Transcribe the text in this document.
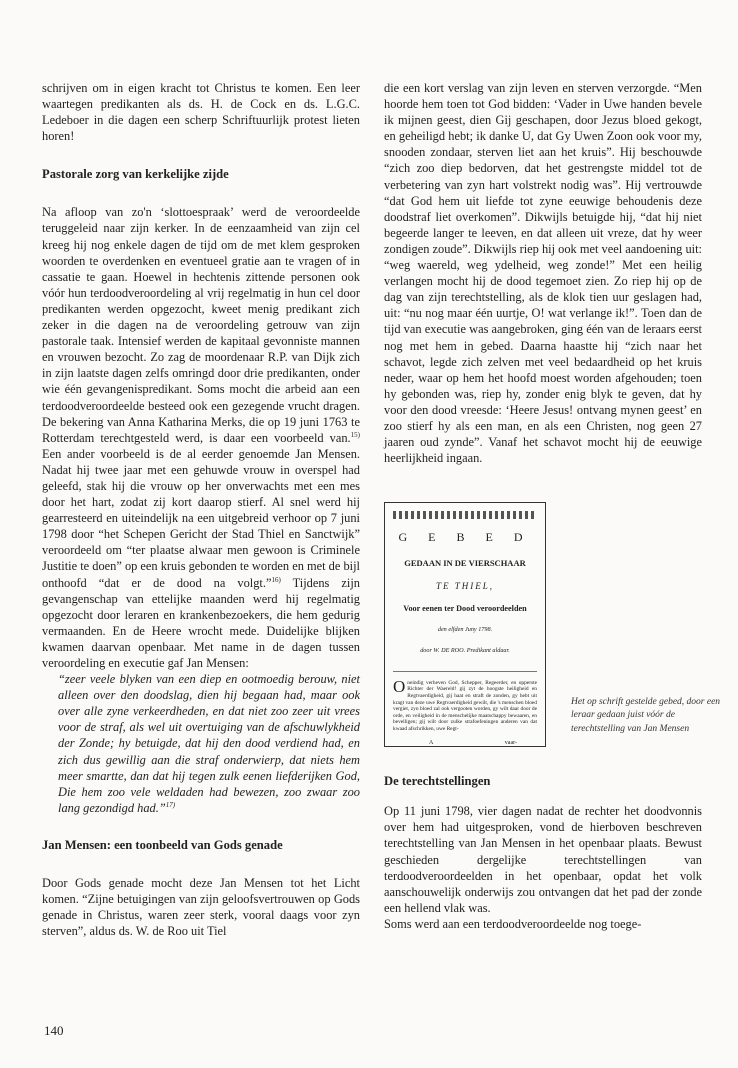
schrijven om in eigen kracht tot Christus te komen. Een leer waartegen predikanten als ds. H. de Cock en ds. L.G.C. Ledeboer in die dagen een scherp Schriftuurlijk protest lieten horen!

Pastorale zorg van kerkelijke zijde

Na afloop van zo'n ‘slottoespraak’ werd de veroordeelde teruggeleid naar zijn kerker. In de eenzaamheid van zijn cel kreeg hij nog enkele dagen de tijd om de met klem gesproken woorden te overdenken en eventueel gratie aan te vragen of in cassatie te gaan. Hoewel in hechtenis zittende personen ook vóór hun terdoodveroordeling al vrij regelmatig in hun cel door predikanten werden opgezocht, kweet menig predikant zich zeker in die dagen na de veroordeling getrouw van zijn pastorale taak. Intensief werden de kapitaal gevonniste mannen en vrouwen bezocht. Zo zag de moordenaar R.P. van Dijk zich in zijn laatste dagen zelfs omringd door drie predikanten, onder wie één gevangenispredikant. Soms mocht die arbeid aan een terdoodveroordeelde besteed ook een gezegende vrucht dragen. De bekering van Anna Katharina Merks, die op 19 juni 1763 te Rotterdam terechtgesteld werd, is daar een voorbeeld van.$^{15)}$ Een ander voorbeeld is de al eerder genoemde Jan Mensen. Nadat hij twee jaar met een gehuwde vrouw in overspel had geleefd, stak hij die vrouw op her onverwachts met een mes door het hart, zodat zij kort daarop stierf. Al snel werd hij gearresteerd en uiteindelijk na een uitgebreid verhoor op 7 juni 1798 door “het Schepen Gericht der Stad Thiel en Sanctwijk” veroordeeld om “ter plaatse alwaar men gewoon is Criminele Justitie te doen” op een kruis gebonden te worden en met de bijl onthoofd “dat er de dood na volgt.”$^{16)}$ Tijdens zijn gevangenschap van ettelijke maanden werd hij regelmatig opgezocht door leraren en krankenbezoekers, die hem gedurig vermaanden. En de Heere wrocht mede. Duidelijke blijken kwamen daarvan openbaar. Met name in de dagen tussen veroordeling en executie gaf Jan Mensen:

“zeer veele blyken van een diep en ootmoedig berouw, niet alleen over den doodslag, dien hij begaan had, maar ook over alle zyne verkeerdheden, en dat niet zoo zeer uit vrees voor de straf, als wel uit overtuiging van de afschuwlykheid der Zonde; hy betuigde, dat hij den dood verdiend had, en zich dus gewillig aan die straf onderwierp, dat niets hem meer smartte, dan dat hij tegen zulk eenen liefderijken God, Die hem zoo vele weldaden had bewezen, zoo zwaar zoo lang gezondigd had.”$^{17)}$

Jan Mensen: een toonbeeld van Gods genade

Door Gods genade mocht deze Jan Mensen tot het Licht komen. “Zijne betuigingen van zijn geloofsvertrouwen op Gods genade in Christus, waren zeer sterk, vooral daags voor zyn sterven”, aldus ds. W. de Roo uit Tiel

die een kort verslag van zijn leven en sterven verzorgde. “Men hoorde hem toen tot God bidden: ‘Vader in Uwe handen bevele ik mijnen geest, dien Gij geschapen, door Jezus bloed gekogt, en geheiligd hebt; ik danke U, dat Gy Uwen Zoon ook voor my, snooden zondaar, sterven liet aan het kruis”. Hij beschouwde “zich zoo diep bedorven, dat het gestrengste middel tot de verbetering van zyn hart volstrekt nodig was”. Hij vertrouwde “dat God hem uit liefde tot zyne eeuwige behoudenis deze doodstraf liet overkomen”. Dikwijls betuigde hij, “dat hij niet begeerde langer te leeven, en dat alleen uit vreze, dat hy weer zondigen zoude”. Dikwijls riep hij ook met veel aandoening uit: “weg waereld, weg ydelheid, weg zonde!” Met een heilig verlangen mocht hij de dood tegemoet zien. Zo riep hij op de dag van zijn terechtstelling, als de klok tien uur geslagen had, uit: “nu nog maar één uurtje, O! wat verlange ik!”. Toen dan de tijd van executie was aangebroken, ging één van de leraars eerst nog met hem in gebed. Daarna haastte hij “zich naar het schavot, legde zich zelven met veel bedaardheid op het kruis neder, waar op hem het hoofd moest worden afgehouden; toen hy gebonden was, riep hy, zonder enig blyk te geven, dat hy voor den dood vreesde: ‘Heere Jesus! ontvang mynen geest’ en zoo stierf hy als een man, en als een Christen, nog geen 27 jaaren oud zynde”. Vanaf het schavot mocht hij de eeuwige heerlijkheid ingaan.

G E B E D
GEDAAN IN DE VIERSCHAAR
TE THIEL,
Voor eenen ter Dood veroordeelden
den elfden Juny 1798.
door W. DE ROO. Predikant aldaar.
Oneindig verheven God, Schepper, Regeerder, en opperste Richter der Waereld! gij zyt de hoogste heiligheid en Regtvaerdigheid, gij haat en straft de zonden, gy hebt uit kragt van deze uwe Regtvaerdigheid gewilt, die 's menschen bloed vergiet, zyn bloed zal ook vergooten worden, gy wilt daar door de orde, en veiligheid in de menschelijke maatschappy bewaaren, en bevelligen; gij wilt door zulke strafoefeningen anderen van dat kwaad afschrikken, uwe Regt-
A	vaar-
De terechtstellingen

Op 11 juni 1798, vier dagen nadat de rechter het doodvonnis over hem had uitgesproken, vond de hierboven beschreven terechtstelling van Jan Mensen in het openbaar plaats. Bewust geschieden dergelijke terechtstellingen van terdoodveroordeelden in het openbaar, opdat het volk aanschouwelijk onderwijs zou ontvangen dat het pad der zonde een hellend vlak was.

Soms werd aan een terdoodveroordeelde nog toege-

Het op schrift gestelde gebed, door een leraar gedaan juist vóór de terechtstelling van Jan Mensen
140
